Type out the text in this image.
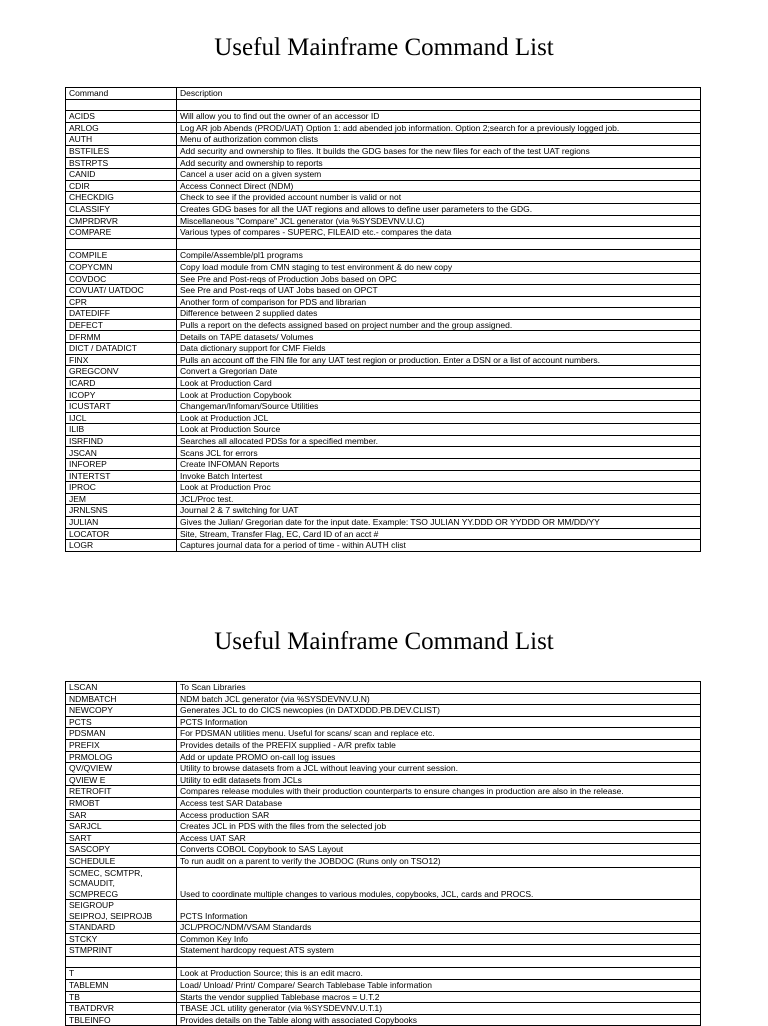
Useful Mainframe Command List
Command	Description

ACIDS	Will allow you to find out the owner of an accessor ID
ARLOG	Log AR job Abends (PROD/UAT) Option 1: add abended job information. Option 2;search for a previously logged job.
AUTH	Menu of authorization common clists
BSTFILES	Add security and ownership to files. It builds the GDG bases for the new files for each of the test UAT regions
BSTRPTS	Add security and ownership to reports
CANID	Cancel a user acid on a given system
CDIR	Access Connect Direct (NDM)
CHECKDIG	Check to see if the provided account number is valid or not
CLASSIFY	Creates GDG bases for all the UAT regions and allows to define user parameters to the GDG.
CMPRDRVR	Miscellaneous "Compare" JCL generator (via %SYSDEVNV.U.C)
COMPARE	Various types of compares - SUPERC, FILEAID etc.- compares the data

COMPILE	Compile/Assemble/pl1 programs
COPYCMN	Copy load module from CMN staging to test environment & do new copy
COVDOC	See Pre and Post-reqs of Production Jobs based on OPC
COVUAT/ UATDOC	See Pre and Post-reqs of UAT Jobs based on OPCT
CPR	Another form of comparison for PDS and librarian
DATEDIFF	Difference between 2 supplied dates
DEFECT	Pulls a report on the defects assigned based on project number and the group assigned.
DFRMM	Details on TAPE datasets/ Volumes
DICT / DATADICT	Data dictionary support for CMF Fields
FINX	Pulls an account off the FIN file for any UAT test region or production. Enter a DSN or a list of account numbers.
GREGCONV	Convert a Gregorian Date
ICARD	Look at Production Card
ICOPY	Look at Production Copybook
ICUSTART	Changeman/Infoman/Source Utilities
IJCL	Look at Production JCL
ILIB	Look at Production Source
ISRFIND	Searches all allocated PDSs for a specified member.
JSCAN	Scans JCL for errors
INFOREP	Create INFOMAN Reports
INTERTST	Invoke Batch Intertest
IPROC	Look at Production Proc
JEM	JCL/Proc test.
JRNLSNS	Journal 2 & 7 switching for UAT
JULIAN	Gives the Julian/ Gregorian date for the input date. Example: TSO JULIAN YY.DDD OR YYDDD OR MM/DD/YY
LOCATOR	Site, Stream, Transfer Flag, EC, Card ID of an acct #
LOGR	Captures journal data for a period of time - within AUTH clist
Useful Mainframe Command List
LSCAN	To Scan Libraries
NDMBATCH	NDM batch JCL generator (via %SYSDEVNV.U.N)
NEWCOPY	Generates JCL to do CICS newcopies (in DATXDDD.PB.DEV.CLIST)
PCTS	PCTS Information
PDSMAN	For PDSMAN utilities menu. Useful for scans/ scan and replace etc.
PREFIX	Provides details of the PREFIX supplied - A/R prefix table
PRMOLOG	Add or update PROMO on-call log issues
QV/QVIEW	Utility to browse datasets from a JCL without leaving your current session.
QVIEW E	Utility to edit datasets from JCLs
RETROFIT	Compares release modules with their production counterparts to ensure changes in production are also in the release.
RMOBT	Access test SAR Database
SAR	Access production SAR
SARJCL	Creates JCL in PDS with the files from the selected job
SART	Access UAT SAR
SASCOPY	Converts COBOL Copybook to SAS Layout
SCHEDULE	To run audit on a parent to verify the JOBDOC (Runs only on TSO12)
SCMEC, SCMTPR,
SCMAUDIT,
SCMPRECG	Used to coordinate multiple changes to various modules, copybooks, JCL, cards and PROCS.
SEIGROUP
SEIPROJ, SEIPROJB	PCTS Information
STANDARD	JCL/PROC/NDM/VSAM Standards
STCKY	Common Key Info
STMPRINT	Statement hardcopy request ATS system

T	Look at Production Source; this is an edit macro.
TABLEMN	Load/ Unload/ Print/ Compare/ Search Tablebase Table information
TB	Starts the vendor supplied Tablebase macros = U.T.2
TBATDRVR	TBASE JCL utility generator (via %SYSDEVNV.U.T.1)
TBLEINFO	Provides details on the Table along with associated Copybooks
